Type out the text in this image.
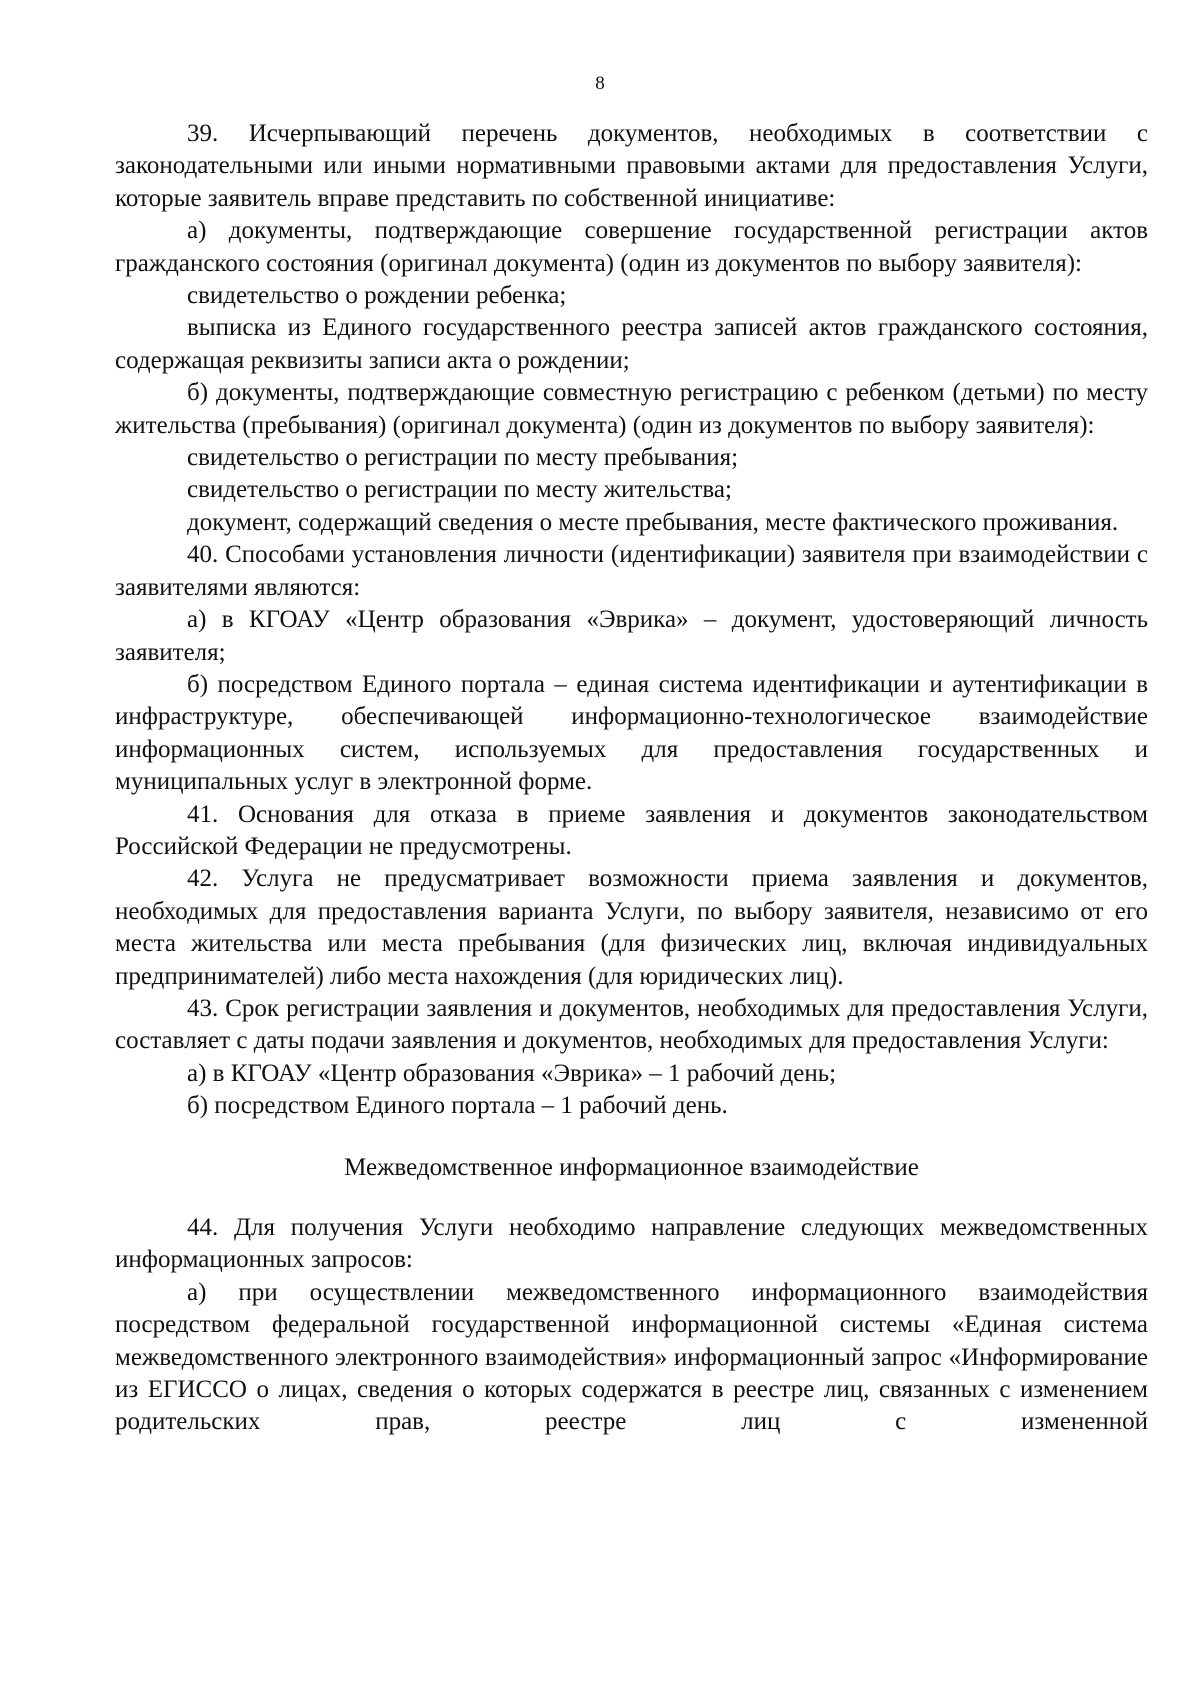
8

39. Исчерпывающий перечень документов, необходимых в соответствии с законодательными или иными нормативными правовыми актами для предоставления Услуги, которые заявитель вправе представить по собственной инициативе:

а) документы, подтверждающие совершение государственной регистрации актов гражданского состояния (оригинал документа) (один из документов по выбору заявителя):

свидетельство о рождении ребенка;

выписка из Единого государственного реестра записей актов гражданского состояния, содержащая реквизиты записи акта о рождении;

б) документы, подтверждающие совместную регистрацию с ребенком (детьми) по месту жительства (пребывания) (оригинал документа) (один из документов по выбору заявителя):

свидетельство о регистрации по месту пребывания;

свидетельство о регистрации по месту жительства;

документ, содержащий сведения о месте пребывания, месте фактического проживания.

40. Способами установления личности (идентификации) заявителя при взаимодействии с заявителями являются:

а) в КГОАУ «Центр образования «Эврика» – документ, удостоверяющий личность заявителя;

б) посредством Единого портала – единая система идентификации и аутентификации в инфраструктуре, обеспечивающей информационно-технологическое взаимодействие информационных систем, используемых для предоставления государственных и муниципальных услуг в электронной форме.

41. Основания для отказа в приеме заявления и документов законодательством Российской Федерации не предусмотрены.

42. Услуга не предусматривает возможности приема заявления и документов, необходимых для предоставления варианта Услуги, по выбору заявителя, независимо от его места жительства или места пребывания (для физических лиц, включая индивидуальных предпринимателей) либо места нахождения (для юридических лиц).

43. Срок регистрации заявления и документов, необходимых для предоставления Услуги, составляет с даты подачи заявления и документов, необходимых для предоставления Услуги:

а) в КГОАУ «Центр образования «Эврика» – 1 рабочий день;

б) посредством Единого портала – 1 рабочий день.

Межведомственное информационное взаимодействие

44. Для получения Услуги необходимо направление следующих межведомственных информационных запросов:

а) при осуществлении межведомственного информационного взаимодействия посредством федеральной государственной информационной системы «Единая система межведомственного электронного взаимодействия» информационный запрос «Информирование из ЕГИССО о лицах, сведения о которых содержатся в реестре лиц, связанных с изменением родительских прав, реестре лиц с измененной
